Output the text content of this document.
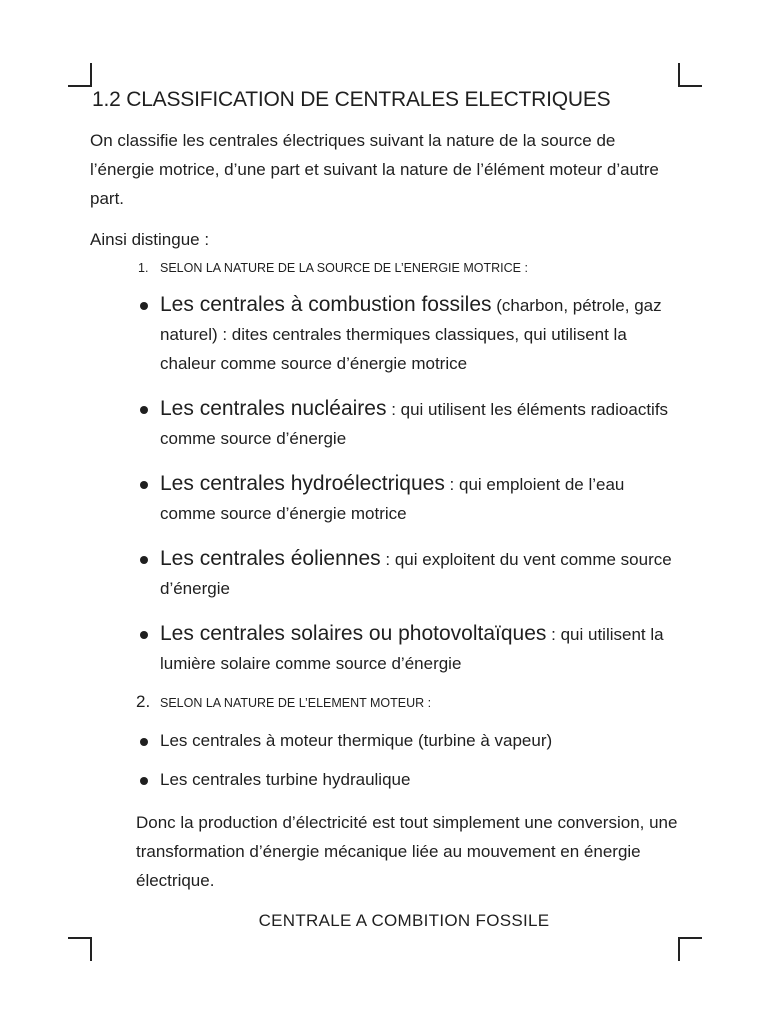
1.2 CLASSIFICATION DE CENTRALES ELECTRIQUES

On classifie les centrales électriques suivant la nature de la source de l’énergie motrice, d’une part et suivant la nature de l’élément moteur d’autre part.

Ainsi distingue :

1. SELON LA NATURE DE LA SOURCE DE L’ENERGIE MOTRICE :
Les centrales à combustion fossiles (charbon, pétrole, gaz naturel) : dites centrales thermiques classiques, qui utilisent la chaleur comme source d’énergie motrice
Les centrales nucléaires : qui utilisent les éléments radioactifs comme source d’énergie
Les centrales hydroélectriques : qui emploient de l’eau comme source d’énergie motrice
Les centrales éoliennes : qui exploitent du vent comme source d’énergie
Les centrales solaires ou photovoltaïques : qui utilisent la lumière solaire comme source d’énergie
2. SELON LA NATURE DE L’ELEMENT MOTEUR :
Les centrales à moteur thermique (turbine à vapeur)
Les centrales turbine hydraulique

Donc la production d’électricité est tout simplement une conversion, une transformation d’énergie mécanique liée au mouvement en énergie électrique.

CENTRALE A COMBITION FOSSILE
